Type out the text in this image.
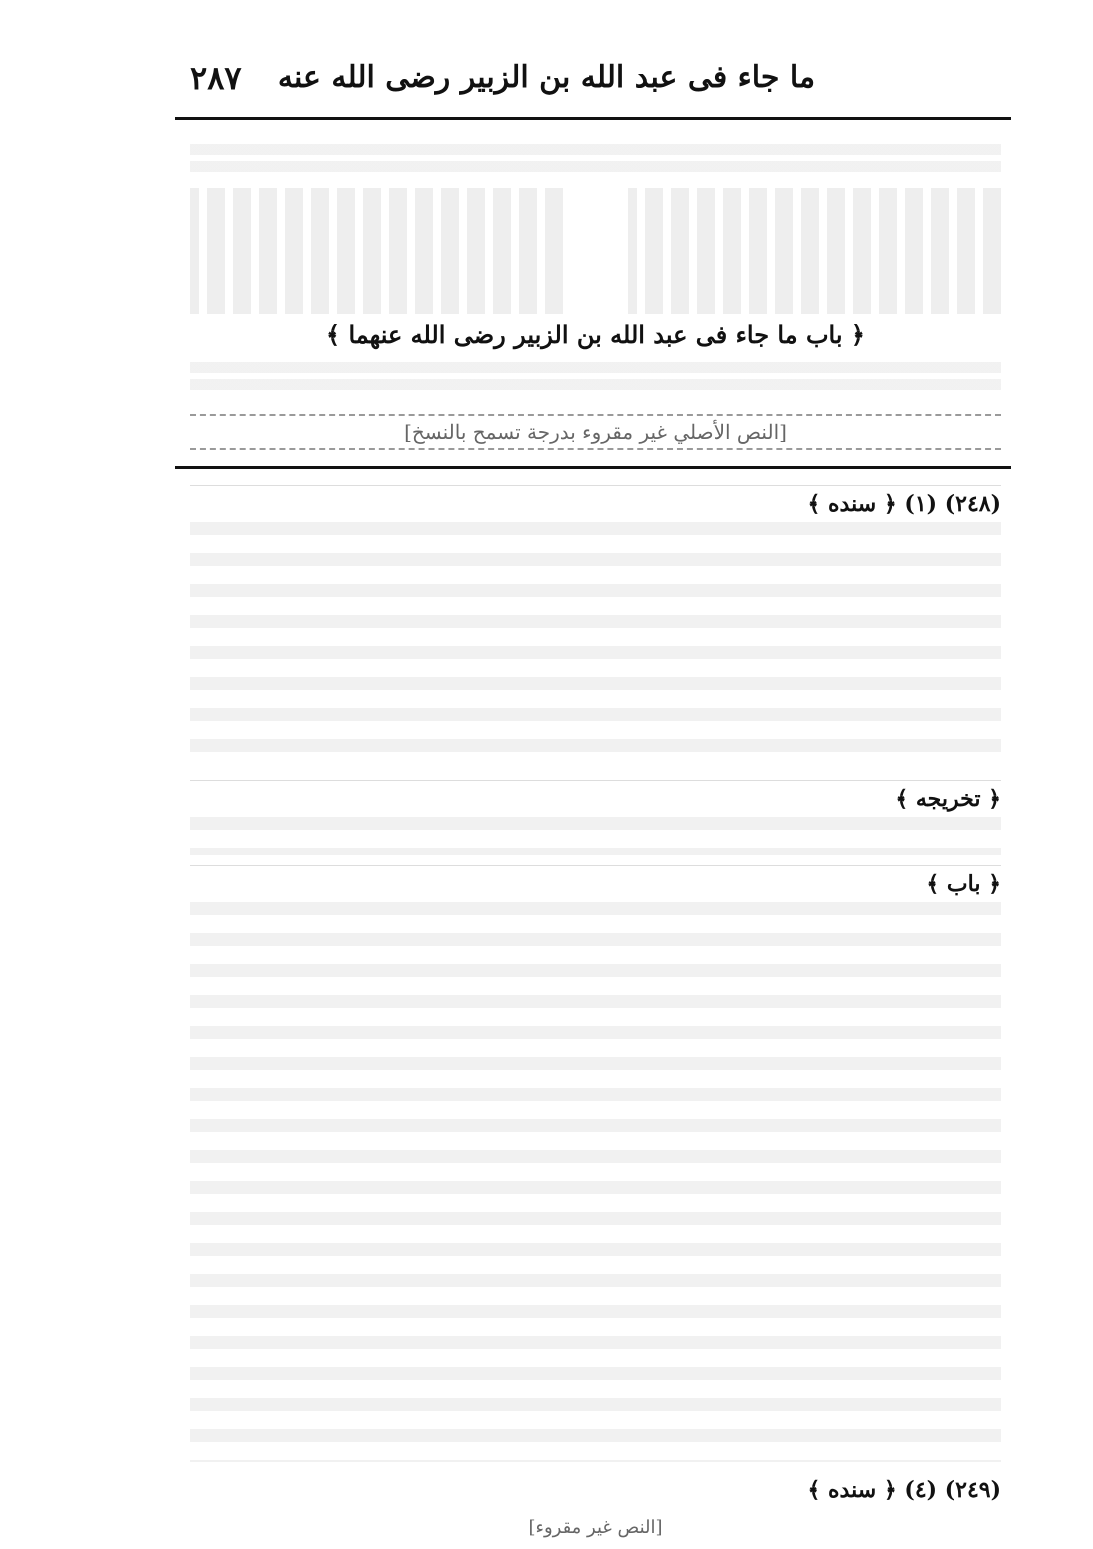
ما جاء فى عبد الله بن الزبير رضى الله عنه
٢٨٧
﴿ باب ما جاء فى عبد الله بن الزبير رضى الله عنهما ﴾
[النص الأصلي غير مقروء بدرجة تسمح بالنسخ]
(٢٤٨) (١) ﴿ سنده ﴾
﴿ تخريجه ﴾
﴿ باب ﴾
(٢٤٩) (٤) ﴿ سنده ﴾
[النص غير مقروء]
